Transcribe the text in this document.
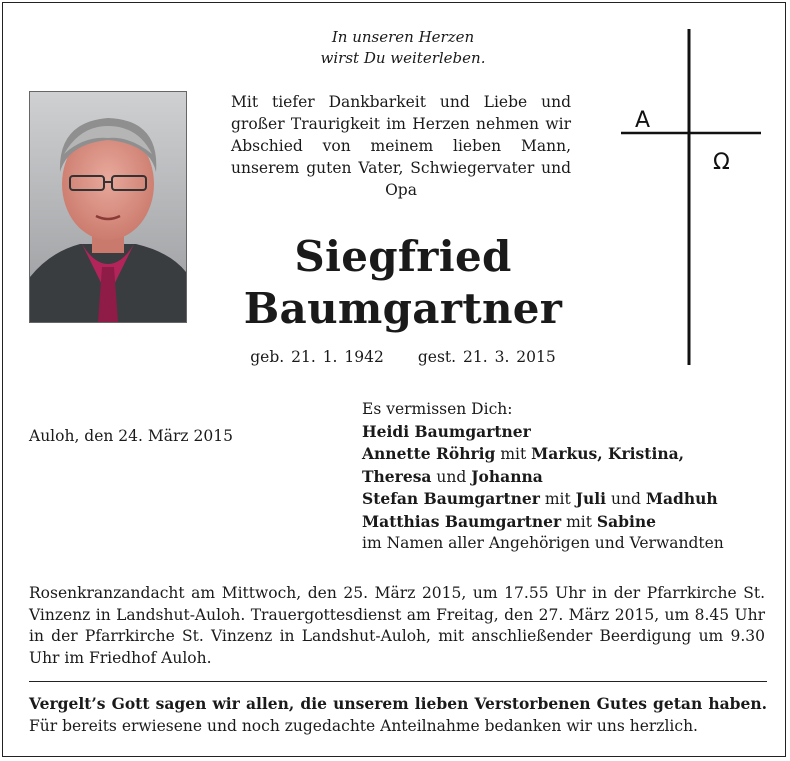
In unseren Herzen
wirst Du weiterleben.
Mit tiefer Dankbarkeit und Liebe und großer Traurigkeit im Herzen nehmen wir Abschied von meinem lieben Mann, unserem guten Vater, Schwiegervater und Opa
Siegfried
Baumgartner
geb. 21. 1. 1942 gest. 21. 3. 2015
A
Ω
Auloh, den 24. März 2015
Es vermissen Dich:
Heidi Baumgartner
Annette Röhrig mit Markus, Kristina,
Theresa und Johanna
Stefan Baumgartner mit Juli und Madhuh
Matthias Baumgartner mit Sabine
im Namen aller Angehörigen und Verwandten
Rosenkranzandacht am Mittwoch, den 25. März 2015, um 17.55 Uhr in der Pfarrkirche St. Vinzenz in Landshut-Auloh. Trauergottesdienst am Freitag, den 27. März 2015, um 8.45 Uhr in der Pfarrkirche St. Vinzenz in Landshut-Auloh, mit anschließender Beerdigung um 9.30 Uhr im Friedhof Auloh.
Vergelt’s Gott sagen wir allen, die unserem lieben Verstorbenen Gutes getan haben.
Für bereits erwiesene und noch zugedachte Anteilnahme bedanken wir uns herzlich.
